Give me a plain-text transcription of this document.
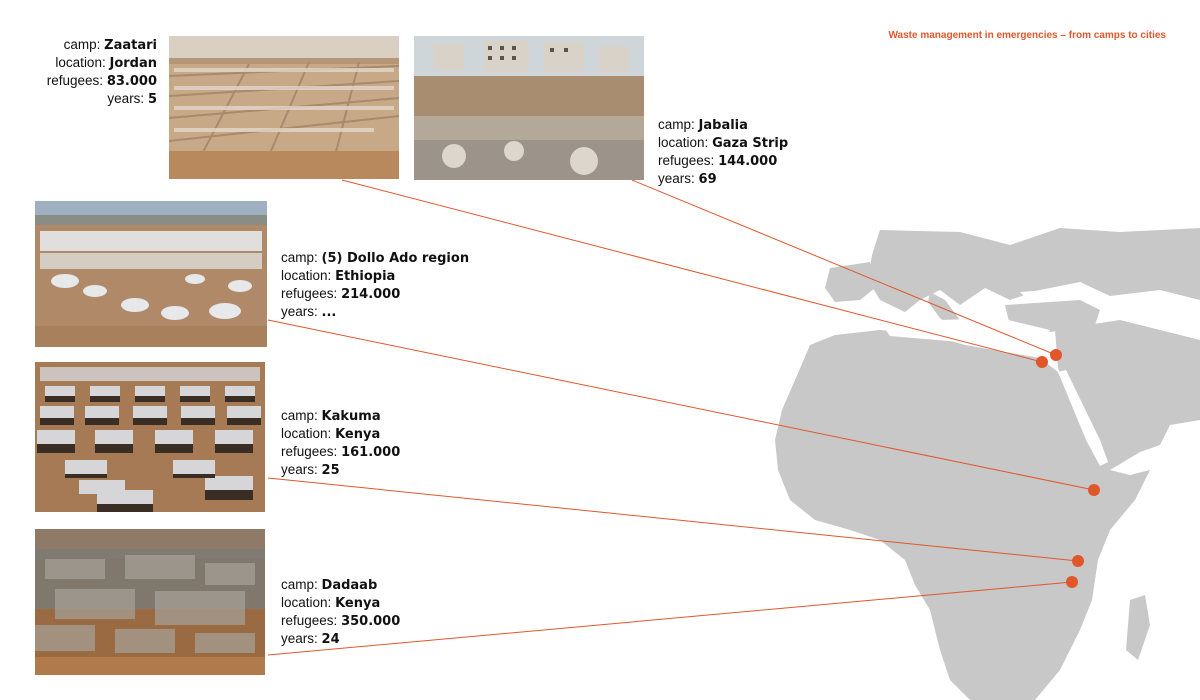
Waste management in emergencies – from camps to cities
camp: Zaatari
location: Jordan
refugees: 83.000
years: 5
camp: Jabalia
location: Gaza Strip
refugees: 144.000
years: 69
camp: (5) Dollo Ado region
location: Ethiopia
refugees: 214.000
years: ...
camp: Kakuma
location: Kenya
refugees: 161.000
years: 25
camp: Dadaab
location: Kenya
refugees: 350.000
years: 24
